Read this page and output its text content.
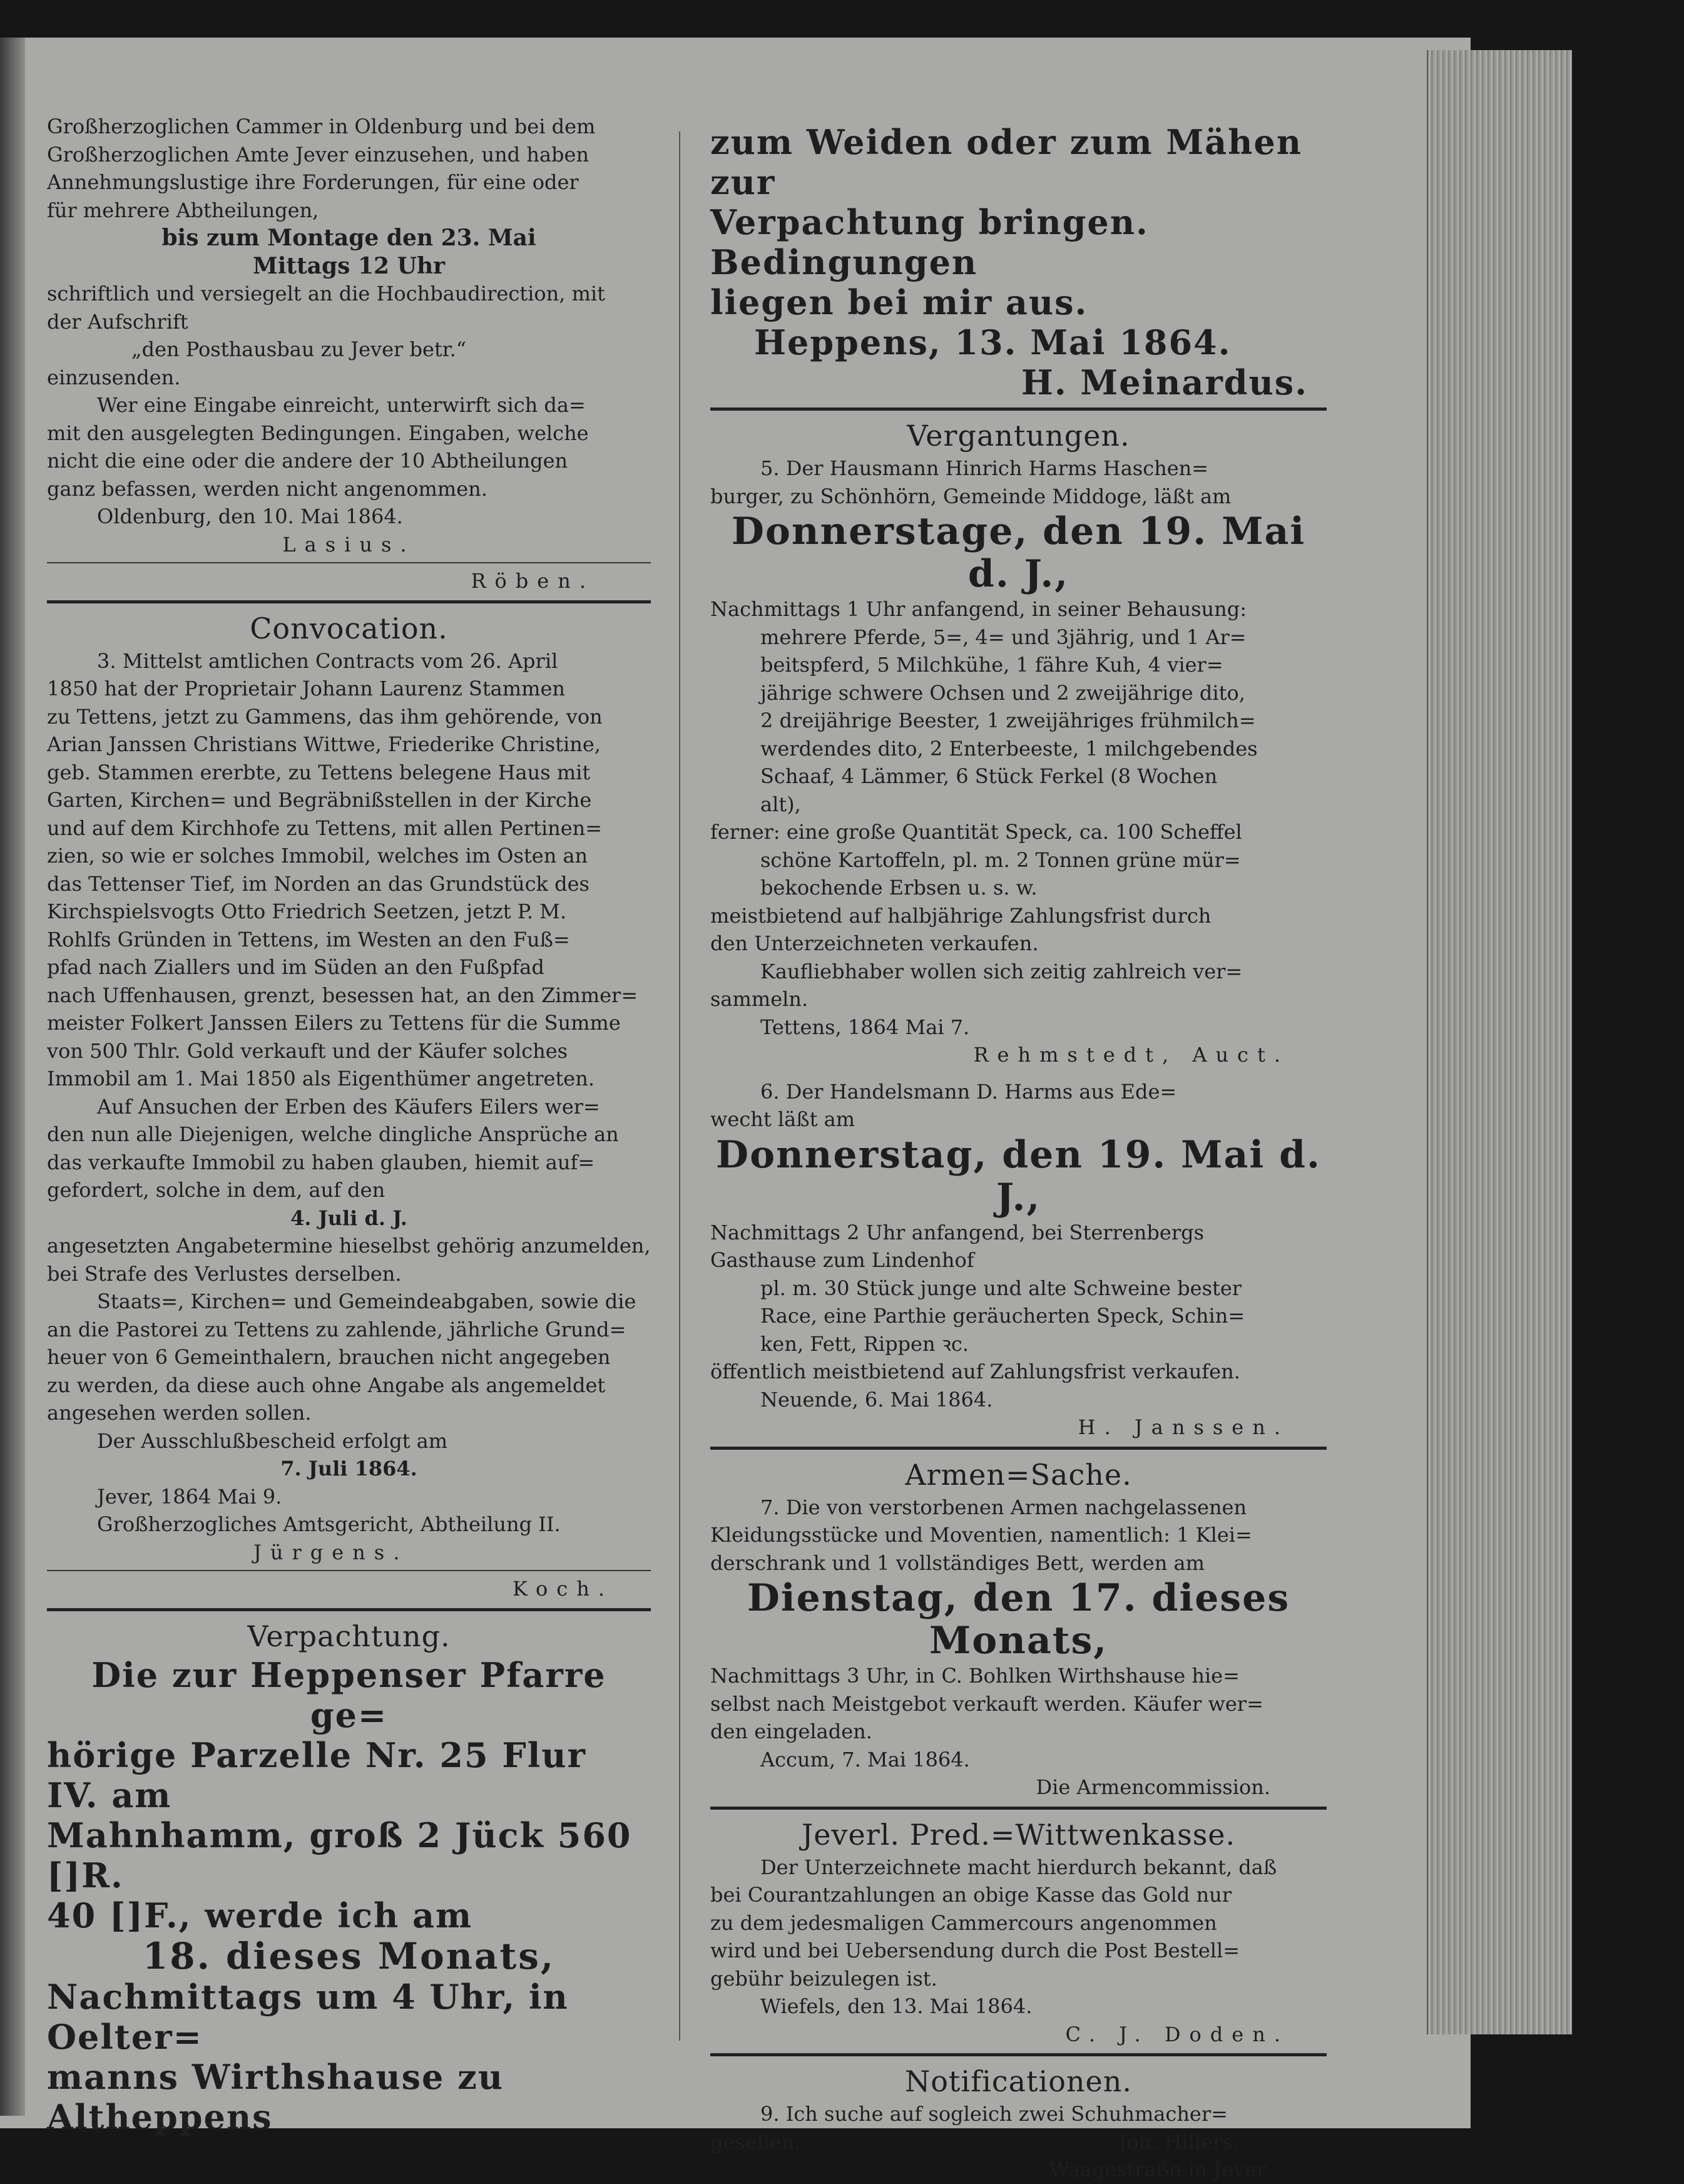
Großherzoglichen Cammer in Oldenburg und bei dem
Großherzoglichen Amte Jever einzusehen, und haben
Annehmungslustige ihre Forderungen, für eine oder
für mehrere Abtheilungen,
bis zum Montage den 23. Mai
Mittags 12 Uhr
schriftlich und versiegelt an die Hochbaudirection, mit
der Aufschrift
„den Posthausbau zu Jever betr.“
einzusenden.
Wer eine Eingabe einreicht, unterwirft sich da=
mit den ausgelegten Bedingungen. Eingaben, welche
nicht die eine oder die andere der 10 Abtheilungen
ganz befassen, werden nicht angenommen.
Oldenburg, den 10. Mai 1864.
Lasius.
Röben.
Convocation.
3. Mittelst amtlichen Contracts vom 26. April
1850 hat der Proprietair Johann Laurenz Stammen
zu Tettens, jetzt zu Gammens, das ihm gehörende, von
Arian Janssen Christians Wittwe, Friederike Christine,
geb. Stammen ererbte, zu Tettens belegene Haus mit
Garten, Kirchen= und Begräbnißstellen in der Kirche
und auf dem Kirchhofe zu Tettens, mit allen Pertinen=
zien, so wie er solches Immobil, welches im Osten an
das Tettenser Tief, im Norden an das Grundstück des
Kirchspielsvogts Otto Friedrich Seetzen, jetzt P. M.
Rohlfs Gründen in Tettens, im Westen an den Fuß=
pfad nach Ziallers und im Süden an den Fußpfad
nach Uffenhausen, grenzt, besessen hat, an den Zimmer=
meister Folkert Janssen Eilers zu Tettens für die Summe
von 500 Thlr. Gold verkauft und der Käufer solches
Immobil am 1. Mai 1850 als Eigenthümer angetreten.
Auf Ansuchen der Erben des Käufers Eilers wer=
den nun alle Diejenigen, welche dingliche Ansprüche an
das verkaufte Immobil zu haben glauben, hiemit auf=
gefordert, solche in dem, auf den
4. Juli d. J.
angesetzten Angabetermine hieselbst gehörig anzumelden,
bei Strafe des Verlustes derselben.
Staats=, Kirchen= und Gemeindeabgaben, sowie die
an die Pastorei zu Tettens zu zahlende, jährliche Grund=
heuer von 6 Gemeinthalern, brauchen nicht angegeben
zu werden, da diese auch ohne Angabe als angemeldet
angesehen werden sollen.
Der Ausschlußbescheid erfolgt am
7. Juli 1864.
Jever, 1864 Mai 9.
Großherzogliches Amtsgericht, Abtheilung II.
Jürgens.
Koch.
Verpachtung.
Die zur Heppenser Pfarre ge=
hörige Parzelle Nr. 25 Flur IV. am
Mahnhamm, groß 2 Jück 560 []R.
40 []F., werde ich am
18. dieses Monats,
Nachmittags um 4 Uhr, in Oelter=
manns Wirthshause zu Altheppens
zum Weiden oder zum Mähen zur
Verpachtung bringen. Bedingungen
liegen bei mir aus.
Heppens, 13. Mai 1864.
H. Meinardus.
Vergantungen.
5. Der Hausmann Hinrich Harms Haschen=
burger, zu Schönhörn, Gemeinde Middoge, läßt am
Donnerstage, den 19. Mai d. J.,
Nachmittags 1 Uhr anfangend, in seiner Behausung:
mehrere Pferde, 5=, 4= und 3jährig, und 1 Ar=
beitspferd, 5 Milchkühe, 1 fähre Kuh, 4 vier=
jährige schwere Ochsen und 2 zweijährige dito,
2 dreijährige Beester, 1 zweijähriges frühmilch=
werdendes dito, 2 Enterbeeste, 1 milchgebendes
Schaaf, 4 Lämmer, 6 Stück Ferkel (8 Wochen
alt),
ferner: eine große Quantität Speck, ca. 100 Scheffel
schöne Kartoffeln, pl. m. 2 Tonnen grüne mür=
bekochende Erbsen u. s. w.
meistbietend auf halbjährige Zahlungsfrist durch
den Unterzeichneten verkaufen.
Kaufliebhaber wollen sich zeitig zahlreich ver=
sammeln.
Tettens, 1864 Mai 7.
Rehmstedt, Auct.
6. Der Handelsmann D. Harms aus Ede=
wecht läßt am
Donnerstag, den 19. Mai d. J.,
Nachmittags 2 Uhr anfangend, bei Sterrenbergs
Gasthause zum Lindenhof
pl. m. 30 Stück junge und alte Schweine bester
Race, eine Parthie geräucherten Speck, Schin=
ken, Fett, Rippen ꝛc.
öffentlich meistbietend auf Zahlungsfrist verkaufen.
Neuende, 6. Mai 1864.
H. Janssen.
Armen=Sache.
7. Die von verstorbenen Armen nachgelassenen
Kleidungsstücke und Moventien, namentlich: 1 Klei=
derschrank und 1 vollständiges Bett, werden am
Dienstag, den 17. dieses Monats,
Nachmittags 3 Uhr, in C. Bohlken Wirthshause hie=
selbst nach Meistgebot verkauft werden. Käufer wer=
den eingeladen.
Accum, 7. Mai 1864.
Die Armencommission.
Jeverl. Pred.=Wittwenkasse.
Der Unterzeichnete macht hierdurch bekannt, daß
bei Courantzahlungen an obige Kasse das Gold nur
zu dem jedesmaligen Cammercours angenommen
wird und bei Uebersendung durch die Post Bestell=
gebühr beizulegen ist.
Wiefels, den 13. Mai 1864.
C. J. Doden.
Notificationen.
9. Ich suche auf sogleich zwei Schuhmacher=
gesellen.	Joh. Hillers,
Waagestraße in Jever.
